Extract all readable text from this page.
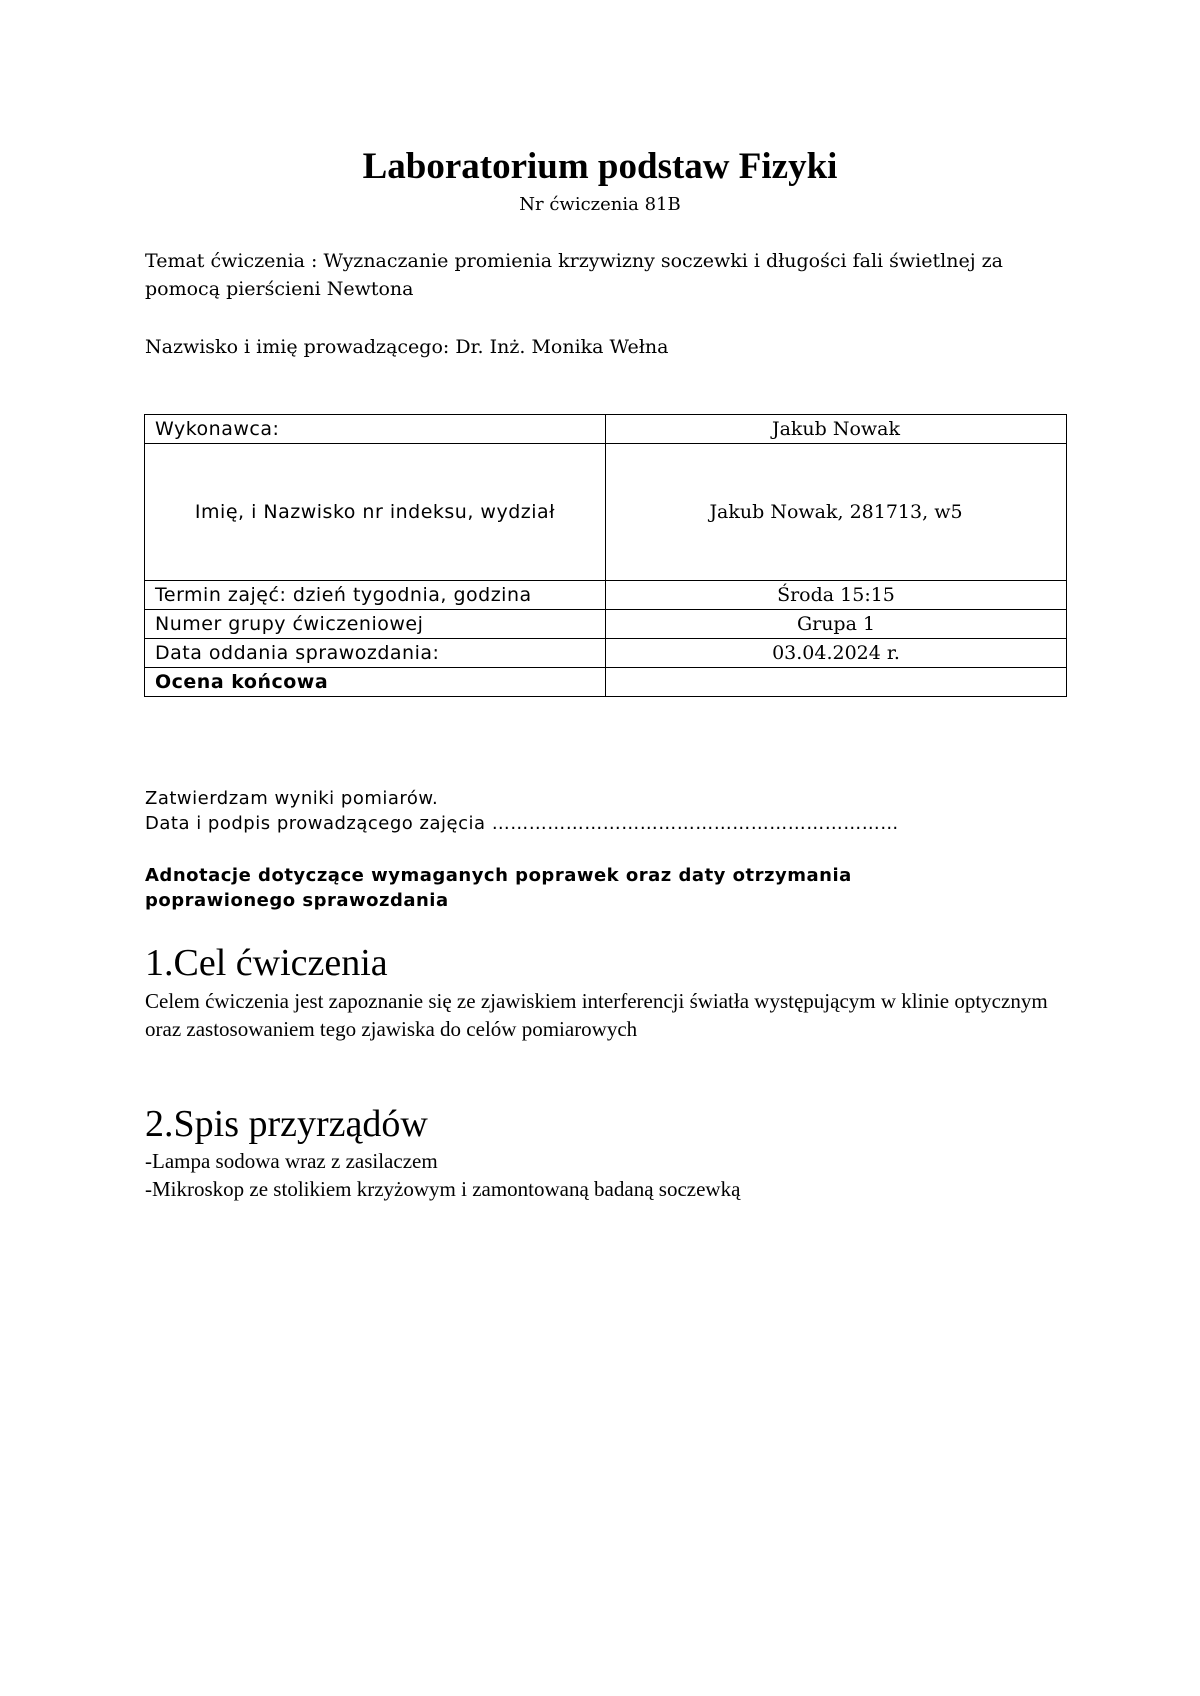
Laboratorium podstaw Fizyki
Nr ćwiczenia 81B
Temat ćwiczenia : Wyznaczanie promienia krzywizny soczewki i długości fali świetlnej za pomocą pierścieni Newtona
Nazwisko i imię prowadzącego: Dr. Inż. Monika Wełna
Wykonawca:	Jakub Nowak
Imię, i Nazwisko nr indeksu, wydział	Jakub Nowak, 281713, w5
Termin zajęć: dzień tygodnia, godzina	Środa 15:15
Numer grupy ćwiczeniowej	Grupa 1
Data oddania sprawozdania:	03.04.2024 r.
Ocena końcowa	
Zatwierdzam wyniki pomiarów.
Data i podpis prowadzącego zajęcia …………………………………………………………
Adnotacje dotyczące wymaganych poprawek oraz daty otrzymania poprawionego sprawozdania
1.Cel ćwiczenia
Celem ćwiczenia jest zapoznanie się ze zjawiskiem interferencji światła występującym w klinie optycznym oraz zastosowaniem tego zjawiska do celów pomiarowych
2.Spis przyrządów
-Lampa sodowa wraz z zasilaczem
-Mikroskop ze stolikiem krzyżowym i zamontowaną badaną soczewką
